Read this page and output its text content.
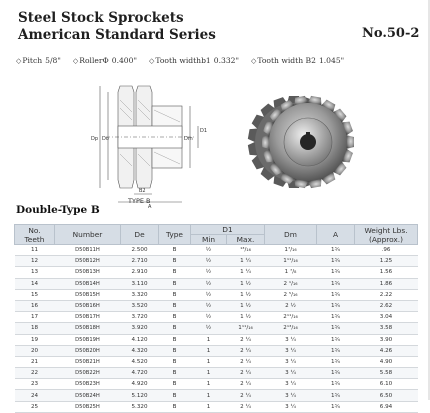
Steel Stock Sprockets
American Standard Series	No.50-2
◇ Pitch 5/8" ◇ RollerΦ 0.400" ◇ Tooth widthb1 0.332" ◇ Tooth width B2 1.045"
Dp Do	Dm
D1
B2
A
TYPE B
Double-Type B
No.
Teeth	Number	De	Type	D1		Dm	A	Weight Lbs.
(Approx.)
				Min	Max.			
11	D50B11H	2.500	B	½	¹³/₁₆	1⁷/₁₆	1¾	.96
12	D50B12H	2.710	B	½	1 ¼	1¹¹/₁₆	1¾	1.25
13	D50B13H	2.910	B	½	1 ¼	1 ⁷/₈	1¾	1.56
14	D50B14H	3.110	B	½	1 ½	2 ¹/₁₆	1¾	1.86
15	D50B15H	3.320	B	½	1 ½	2 ⁵/₁₆	1¾	2.22
16	D50B16H	3.520	B	½	1 ½	2 ½	1¾	2.62
17	D50B17H	3.720	B	½	1 ½	2¹¹/₁₆	1¾	3.04
18	D50B18H	3.920	B	½	1¹¹/₁₆	2¹³/₁₆	1¾	3.58
19	D50B19H	4.120	B	1	2 ¼	3 ¼	1¾	3.90
20	D50B20H	4.320	B	1	2 ¼	3 ¼	1¾	4.26
21	D50B21H	4.520	B	1	2 ¼	3 ¼	1¾	4.90
22	D50B22H	4.720	B	1	2 ¼	3 ¼	1¾	5.58
23	D50B23H	4.920	B	1	2 ¼	3 ¼	1¾	6.10
24	D50B24H	5.120	B	1	2 ¼	3 ¼	1¾	6.50
25	D50B25H	5.320	B	1	2 ¼	3 ¼	1¾	6.94
